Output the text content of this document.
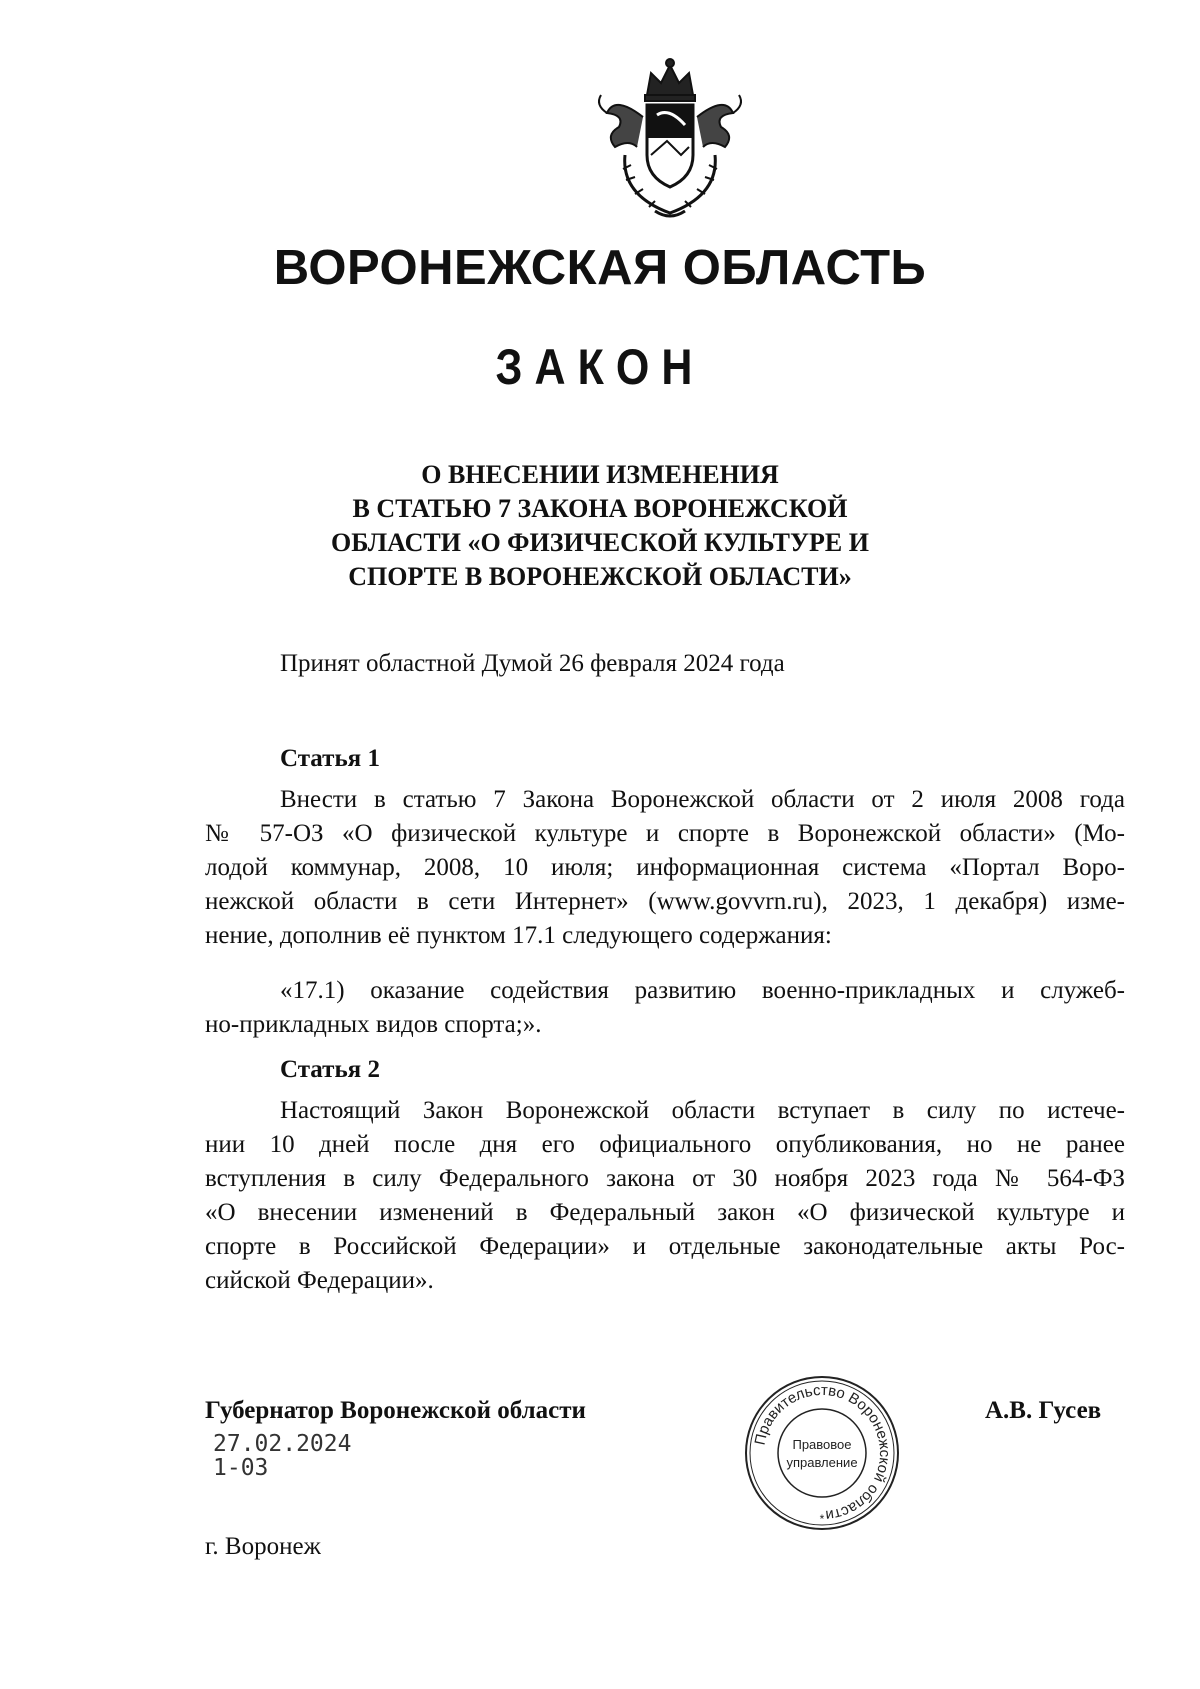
ВОРОНЕЖСКАЯ ОБЛАСТЬ
ЗАКОН
О ВНЕСЕНИИ ИЗМЕНЕНИЯ
В СТАТЬЮ 7 ЗАКОНА ВОРОНЕЖСКОЙ
ОБЛАСТИ «О ФИЗИЧЕСКОЙ КУЛЬТУРЕ И
СПОРТЕ В ВОРОНЕЖСКОЙ ОБЛАСТИ»
Принят областной Думой 26 февраля 2024 года
Статья 1
Внести в статью 7 Закона Воронежской области от 2 июля 2008 года
№ 57-ОЗ «О физической культуре и спорте в Воронежской области» (Мо-
лодой коммунар, 2008, 10 июля; информационная система «Портал Воро-
нежской области в сети Интернет» (www.govvrn.ru), 2023, 1 декабря) изме-
нение, дополнив её пунктом 17.1 следующего содержания:
«17.1) оказание содействия развитию военно-прикладных и служеб-
но-прикладных видов спорта;».
Статья 2
Настоящий Закон Воронежской области вступает в силу по истече-
нии 10 дней после дня его официального опубликования, но не ранее
вступления в силу Федерального закона от 30 ноября 2023 года № 564-ФЗ
«О внесении изменений в Федеральный закон «О физической культуре и
спорте в Российской Федерации» и отдельные законодательные акты Рос-
сийской Федерации».
Губернатор Воронежской области
27.02.2024
1-03
г. Воронеж
А.В. Гусев
Правительство Воронежской области
Правовое
управление
*
